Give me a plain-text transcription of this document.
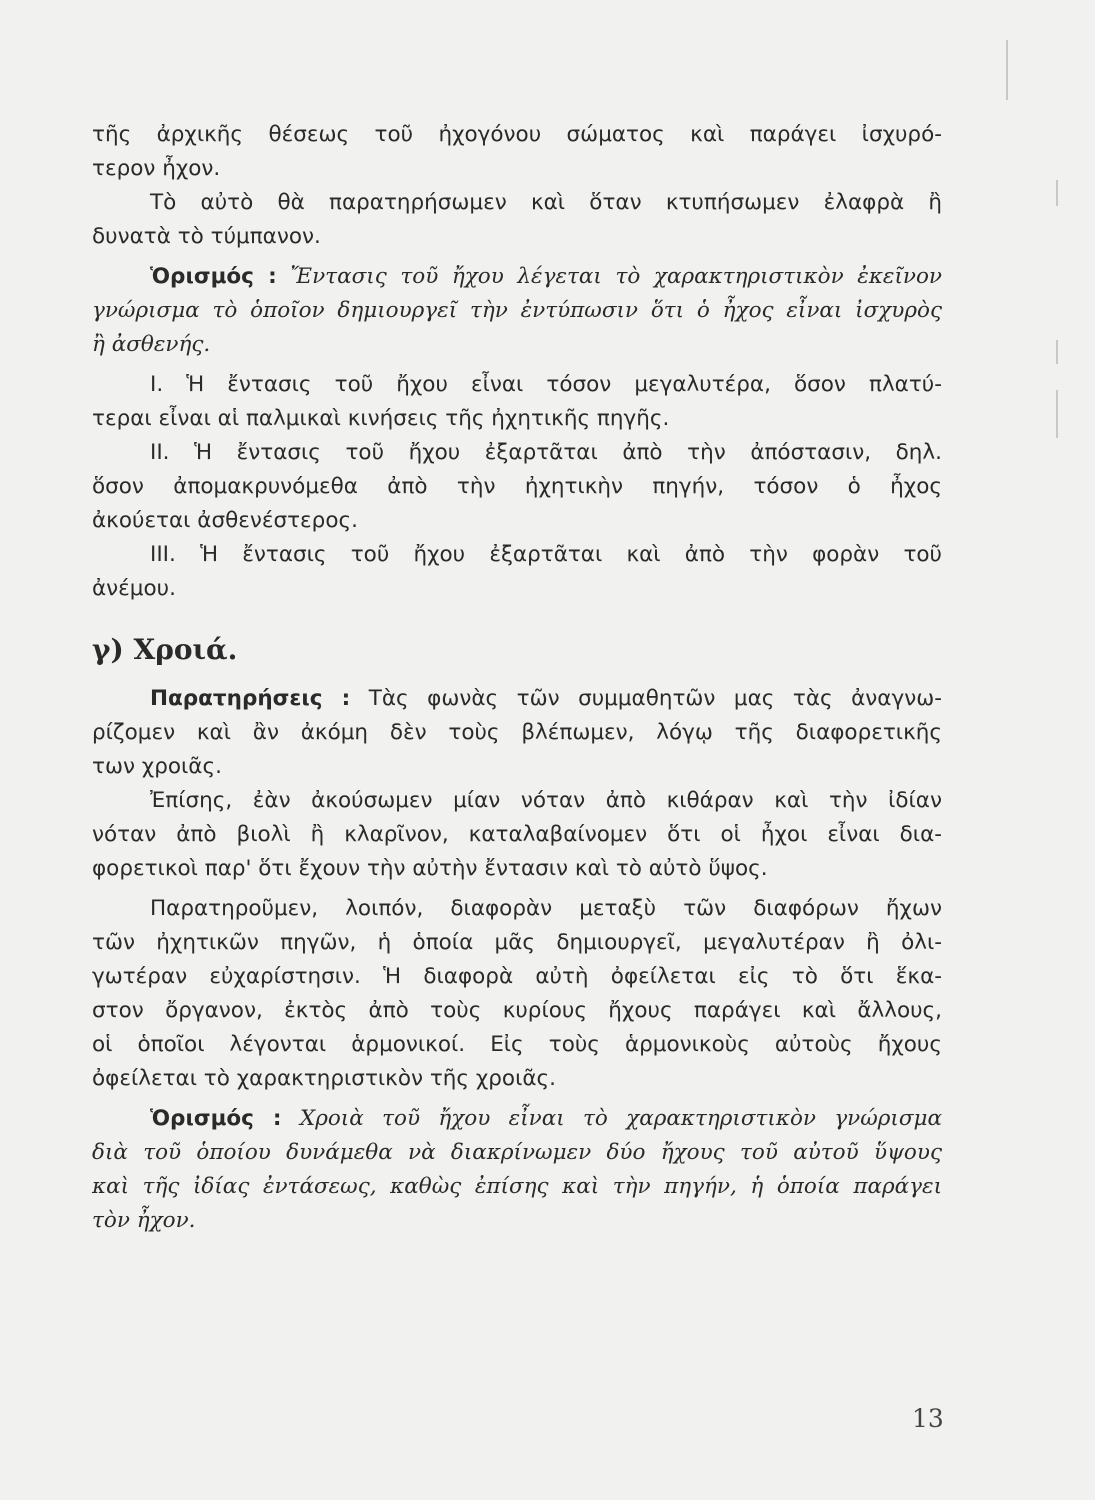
τῆς ἀρχικῆς θέσεως τοῦ ἠχογόνου σώματος καὶ παράγει ἰσχυρό-
τερον ἦχον.
Τὸ αὐτὸ θὰ παρατηρήσωμεν καὶ ὅταν κτυπήσωμεν ἐλαφρὰ ἢ
δυνατὰ τὸ τύμπανον.
Ὁρισμός : Ἔντασις τοῦ ἤχου λέγεται τὸ χαρακτηριστικὸν ἐκεῖνον
γνώρισμα τὸ ὁποῖον δημιουργεῖ τὴν ἐντύπωσιν ὅτι ὁ ἦχος εἶναι ἰσχυρὸς
ἢ ἀσθενής.
I. Ἡ ἔντασις τοῦ ἤχου εἶναι τόσον μεγαλυτέρα, ὅσον πλατύ-
τεραι εἶναι αἱ παλμικαὶ κινήσεις τῆς ἠχητικῆς πηγῆς.
II. Ἡ ἔντασις τοῦ ἤχου ἐξαρτᾶται ἀπὸ τὴν ἀπόστασιν, δηλ.
ὅσον ἀπομακρυνόμεθα ἀπὸ τὴν ἠχητικὴν πηγήν, τόσον ὁ ἦχος
ἀκούεται ἀσθενέστερος.
III. Ἡ ἔντασις τοῦ ἤχου ἐξαρτᾶται καὶ ἀπὸ τὴν φορὰν τοῦ
ἀνέμου.
γ) Χροιά.
Παρατηρήσεις : Τὰς φωνὰς τῶν συμμαθητῶν μας τὰς ἀναγνω-
ρίζομεν καὶ ἂν ἀκόμη δὲν τοὺς βλέπωμεν, λόγῳ τῆς διαφορετικῆς
των χροιᾶς.
Ἐπίσης, ἐὰν ἀκούσωμεν μίαν νόταν ἀπὸ κιθάραν καὶ τὴν ἰδίαν
νόταν ἀπὸ βιολὶ ἢ κλαρῖνον, καταλαβαίνομεν ὅτι οἱ ἦχοι εἶναι δια-
φορετικοὶ παρ' ὅτι ἔχουν τὴν αὐτὴν ἔντασιν καὶ τὸ αὐτὸ ὕψος.
Παρατηροῦμεν, λοιπόν, διαφορὰν μεταξὺ τῶν διαφόρων ἤχων
τῶν ἠχητικῶν πηγῶν, ἡ ὁποία μᾶς δημιουργεῖ, μεγαλυτέραν ἢ ὀλι-
γωτέραν εὐχαρίστησιν. Ἡ διαφορὰ αὐτὴ ὀφείλεται εἰς τὸ ὅτι ἕκα-
στον ὄργανον, ἐκτὸς ἀπὸ τοὺς κυρίους ἤχους παράγει καὶ ἄλλους,
οἱ ὁποῖοι λέγονται ἁρμονικοί. Εἰς τοὺς ἁρμονικοὺς αὐτοὺς ἤχους
ὀφείλεται τὸ χαρακτηριστικὸν τῆς χροιᾶς.
Ὁρισμός : Χροιὰ τοῦ ἤχου εἶναι τὸ χαρακτηριστικὸν γνώρισμα
διὰ τοῦ ὁποίου δυνάμεθα νὰ διακρίνωμεν δύο ἤχους τοῦ αὐτοῦ ὕψους
καὶ τῆς ἰδίας ἐντάσεως, καθὼς ἐπίσης καὶ τὴν πηγήν, ἡ ὁποία παράγει
τὸν ἦχον.
13
